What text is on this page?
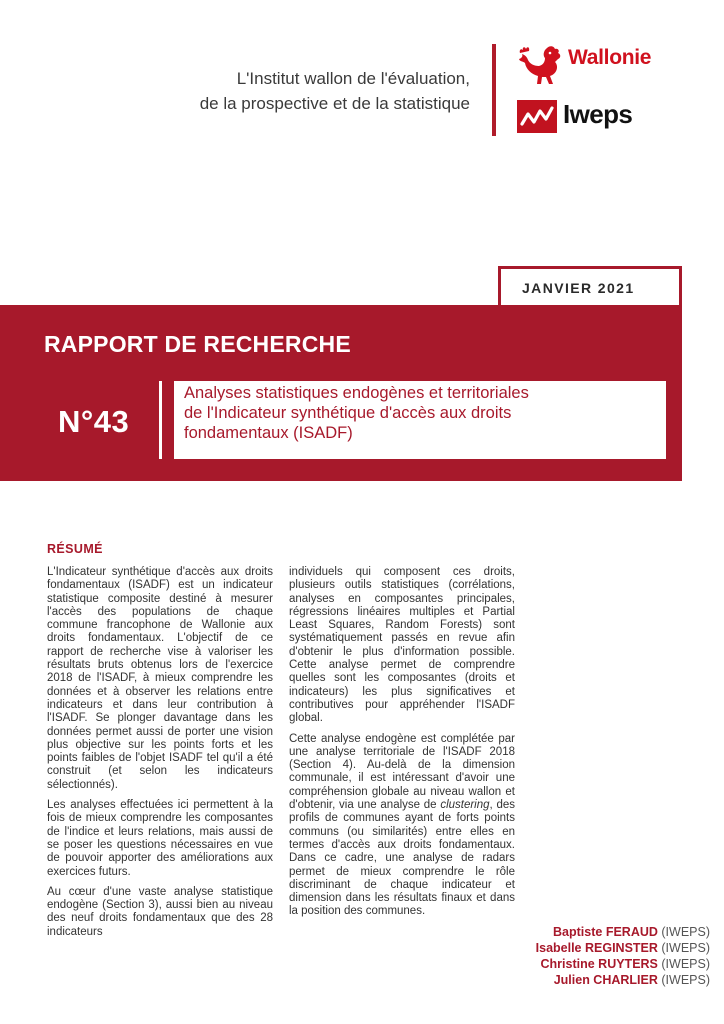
L'Institut wallon de l'évaluation,
de la prospective et de la statistique
Wallonie
Iweps
JANVIER 2021
RAPPORT DE RECHERCHE
N°43
Analyses statistiques endogènes et territoriales
de l'Indicateur synthétique d'accès aux droits
fondamentaux (ISADF)
RÉSUMÉ

L'Indicateur synthétique d'accès aux droits fondamentaux (ISADF) est un indicateur statistique composite destiné à mesurer l'accès des populations de chaque commune francophone de Wallonie aux droits fondamentaux. L'objectif de ce rapport de recherche vise à valoriser les résultats bruts obtenus lors de l'exercice 2018 de l'ISADF, à mieux comprendre les données et à observer les relations entre indicateurs et dans leur contribution à l'ISADF. Se plonger davantage dans les données permet aussi de porter une vision plus objective sur les points forts et les points faibles de l'objet ISADF tel qu'il a été construit (et selon les indicateurs sélectionnés).

Les analyses effectuées ici permettent à la fois de mieux comprendre les composantes de l'indice et leurs relations, mais aussi de se poser les questions nécessaires en vue de pouvoir apporter des améliorations aux exercices futurs.

Au cœur d'une vaste analyse statistique endogène (Section 3), aussi bien au niveau des neuf droits fondamentaux que des 28 indicateurs

individuels qui composent ces droits, plusieurs outils statistiques (corrélations, analyses en composantes principales, régressions linéaires multiples et Partial Least Squares, Random Forests) sont systématiquement passés en revue afin d'obtenir le plus d'information possible. Cette analyse permet de comprendre quelles sont les composantes (droits et indicateurs) les plus significatives et contributives pour appréhender l'ISADF global.

Cette analyse endogène est complétée par une analyse territoriale de l'ISADF 2018 (Section 4). Au-delà de la dimension communale, il est intéressant d'avoir une compréhension globale au niveau wallon et d'obtenir, via une analyse de clustering, des profils de communes ayant de forts points communs (ou similarités) entre elles en termes d'accès aux droits fondamentaux. Dans ce cadre, une analyse de radars permet de mieux comprendre le rôle discriminant de chaque indicateur et dimension dans les résultats finaux et dans la position des communes.

Baptiste FERAUD (IWEPS)
Isabelle REGINSTER (IWEPS)
Christine RUYTERS (IWEPS)
Julien CHARLIER (IWEPS)
